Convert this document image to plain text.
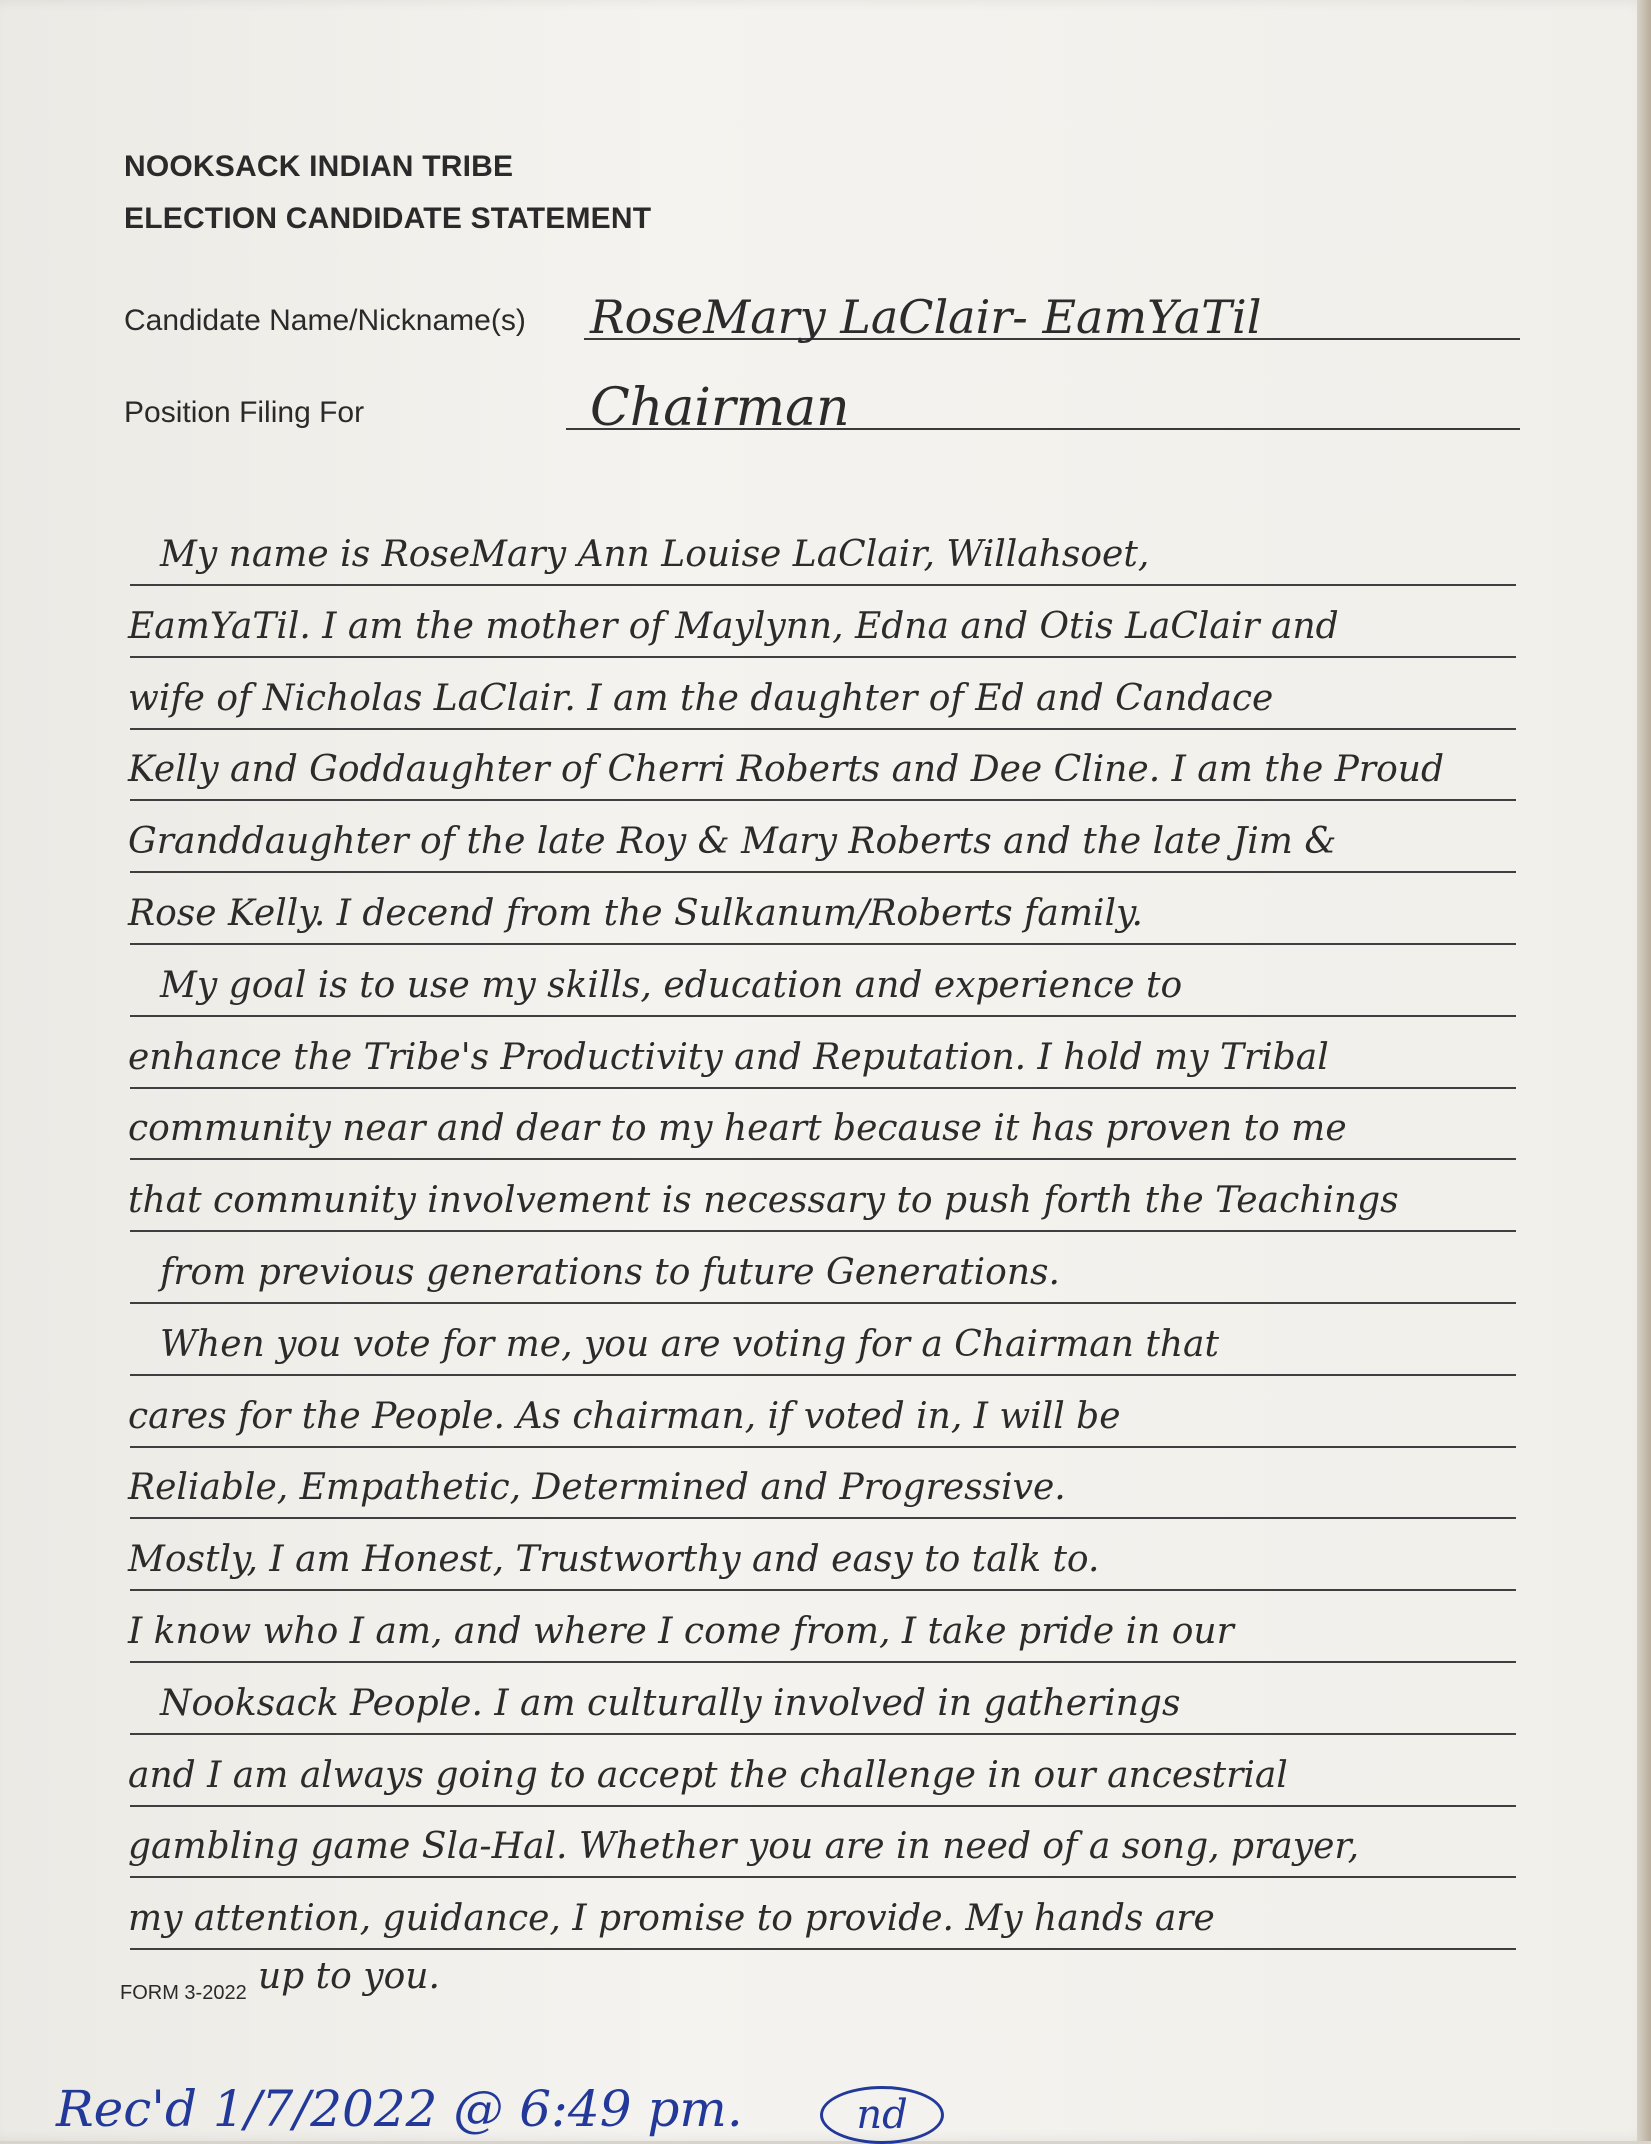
NOOKSACK INDIAN TRIBE
ELECTION CANDIDATE STATEMENT
Candidate Name/Nickname(s) RoseMary LaClair- EamYaTil
Position Filing For	Chairman
My name is RoseMary Ann Louise LaClair, Willahsoet,
EamYaTil. I am the mother of Maylynn, Edna and Otis LaClair and
wife of Nicholas LaClair. I am the daughter of Ed and Candace
Kelly and Goddaughter of Cherri Roberts and Dee Cline. I am the Proud
Granddaughter of the late Roy & Mary Roberts and the late Jim &
Rose Kelly. I decend from the Sulkanum/Roberts family.
My goal is to use my skills, education and experience to
enhance the Tribe's Productivity and Reputation. I hold my Tribal
community near and dear to my heart because it has proven to me
that community involvement is necessary to push forth the Teachings
from previous generations to future Generations.
When you vote for me, you are voting for a Chairman that
cares for the People. As chairman, if voted in, I will be
Reliable, Empathetic, Determined and Progressive.
Mostly, I am Honest, Trustworthy and easy to talk to.
I know who I am, and where I come from, I take pride in our
Nooksack People. I am culturally involved in gatherings
and I am always going to accept the challenge in our ancestrial
gambling game Sla-Hal. Whether you are in need of a song, prayer,
my attention, guidance, I promise to provide. My hands are
up to you.
FORM 3-2022
Rec'd 1/7/2022 @ 6:49 pm.	nd
